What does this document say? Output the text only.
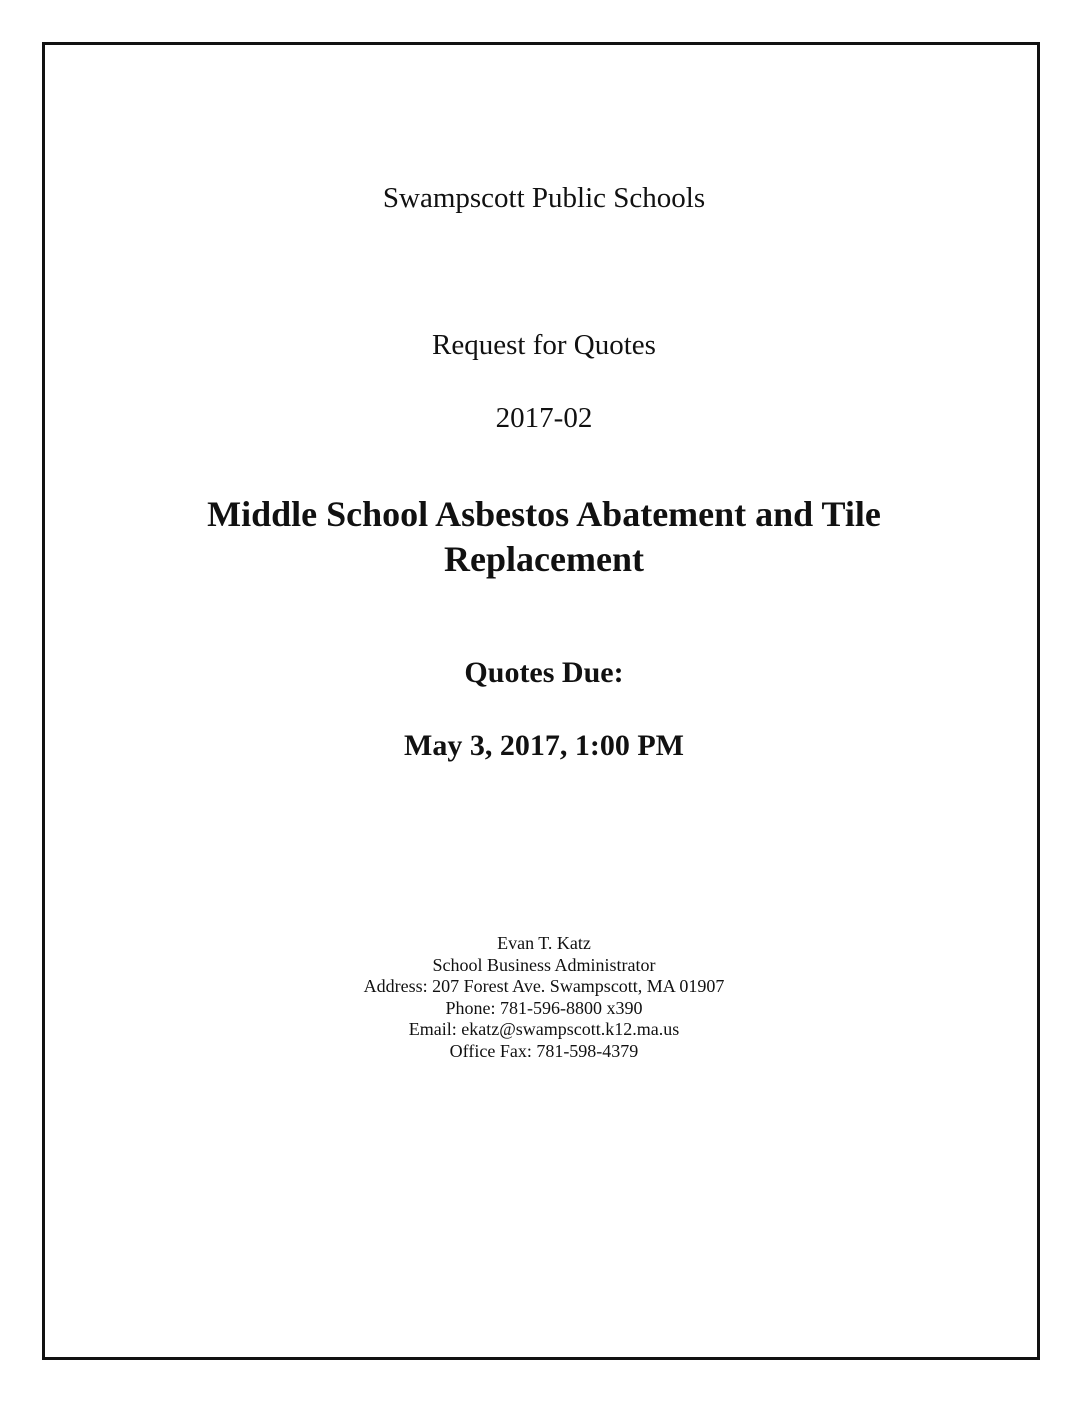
Swampscott Public Schools
Request for Quotes
2017-02
Middle School Asbestos Abatement and Tile
Replacement
Quotes Due:
May 3, 2017, 1:00 PM
Evan T. Katz
School Business Administrator
Address: 207 Forest Ave. Swampscott, MA 01907
Phone: 781-596-8800 x390
Email: ekatz@swampscott.k12.ma.us
Office Fax: 781-598-4379
